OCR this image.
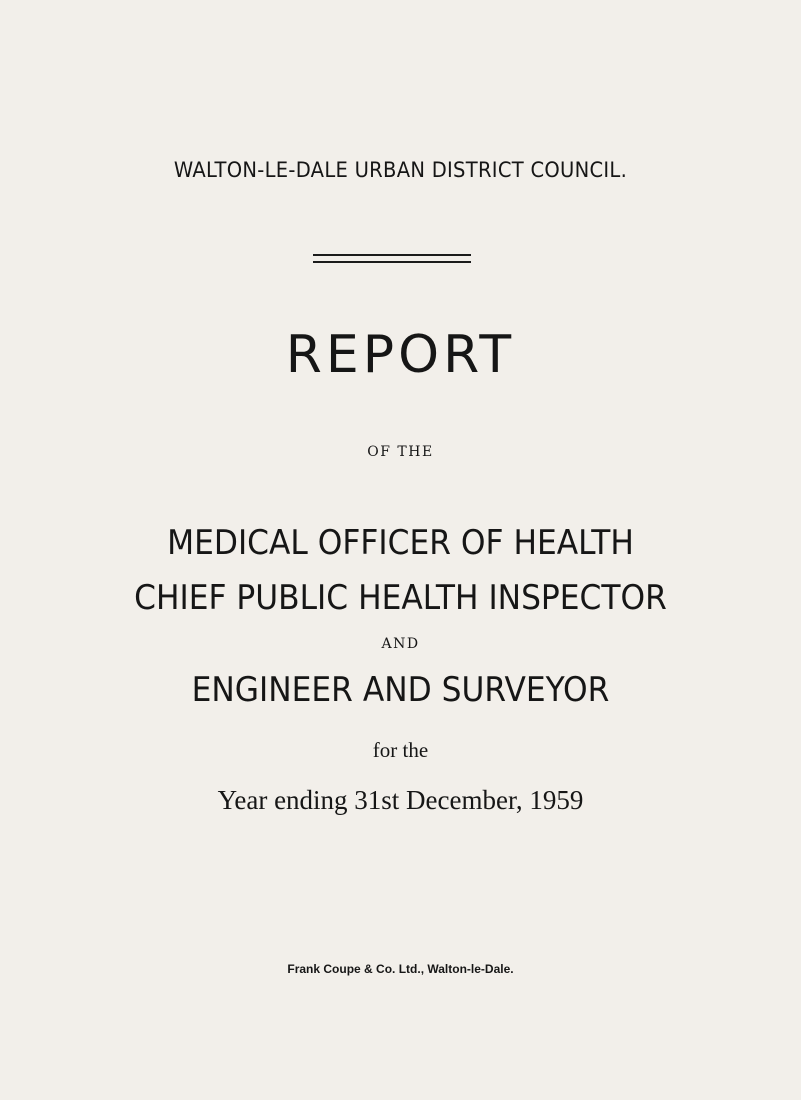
WALTON-LE-DALE URBAN DISTRICT COUNCIL.
REPORT
OF THE
MEDICAL OFFICER OF HEALTH
CHIEF PUBLIC HEALTH INSPECTOR
AND
ENGINEER AND SURVEYOR
for the
Year ending 31st December, 1959
Frank Coupe & Co. Ltd., Walton-le-Dale.
